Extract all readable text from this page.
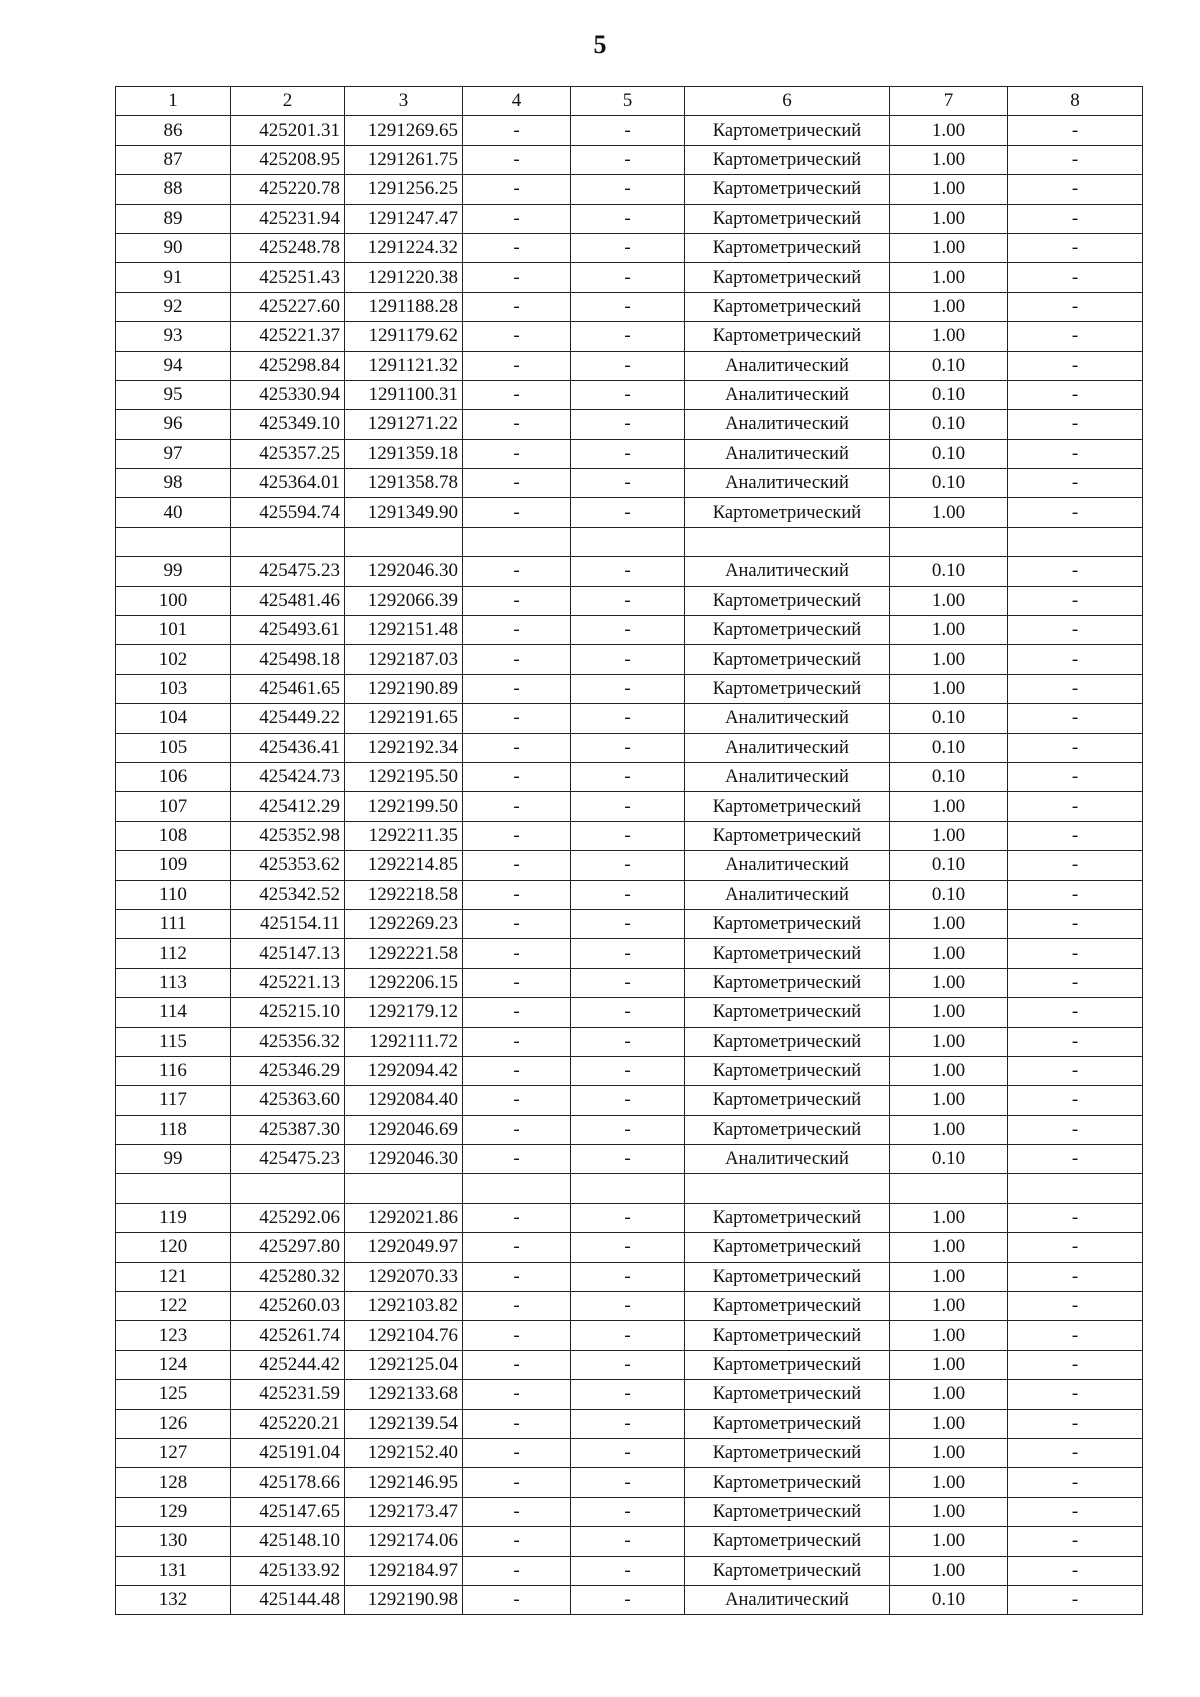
5
1	2	3	4	5	6	7	8
86	425201.31	1291269.65	-	-	Картометрический	1.00	-
87	425208.95	1291261.75	-	-	Картометрический	1.00	-
88	425220.78	1291256.25	-	-	Картометрический	1.00	-
89	425231.94	1291247.47	-	-	Картометрический	1.00	-
90	425248.78	1291224.32	-	-	Картометрический	1.00	-
91	425251.43	1291220.38	-	-	Картометрический	1.00	-
92	425227.60	1291188.28	-	-	Картометрический	1.00	-
93	425221.37	1291179.62	-	-	Картометрический	1.00	-
94	425298.84	1291121.32	-	-	Аналитический	0.10	-
95	425330.94	1291100.31	-	-	Аналитический	0.10	-
96	425349.10	1291271.22	-	-	Аналитический	0.10	-
97	425357.25	1291359.18	-	-	Аналитический	0.10	-
98	425364.01	1291358.78	-	-	Аналитический	0.10	-
40	425594.74	1291349.90	-	-	Картометрический	1.00	-

99	425475.23	1292046.30	-	-	Аналитический	0.10	-
100	425481.46	1292066.39	-	-	Картометрический	1.00	-
101	425493.61	1292151.48	-	-	Картометрический	1.00	-
102	425498.18	1292187.03	-	-	Картометрический	1.00	-
103	425461.65	1292190.89	-	-	Картометрический	1.00	-
104	425449.22	1292191.65	-	-	Аналитический	0.10	-
105	425436.41	1292192.34	-	-	Аналитический	0.10	-
106	425424.73	1292195.50	-	-	Аналитический	0.10	-
107	425412.29	1292199.50	-	-	Картометрический	1.00	-
108	425352.98	1292211.35	-	-	Картометрический	1.00	-
109	425353.62	1292214.85	-	-	Аналитический	0.10	-
110	425342.52	1292218.58	-	-	Аналитический	0.10	-
111	425154.11	1292269.23	-	-	Картометрический	1.00	-
112	425147.13	1292221.58	-	-	Картометрический	1.00	-
113	425221.13	1292206.15	-	-	Картометрический	1.00	-
114	425215.10	1292179.12	-	-	Картометрический	1.00	-
115	425356.32	1292111.72	-	-	Картометрический	1.00	-
116	425346.29	1292094.42	-	-	Картометрический	1.00	-
117	425363.60	1292084.40	-	-	Картометрический	1.00	-
118	425387.30	1292046.69	-	-	Картометрический	1.00	-
99	425475.23	1292046.30	-	-	Аналитический	0.10	-

119	425292.06	1292021.86	-	-	Картометрический	1.00	-
120	425297.80	1292049.97	-	-	Картометрический	1.00	-
121	425280.32	1292070.33	-	-	Картометрический	1.00	-
122	425260.03	1292103.82	-	-	Картометрический	1.00	-
123	425261.74	1292104.76	-	-	Картометрический	1.00	-
124	425244.42	1292125.04	-	-	Картометрический	1.00	-
125	425231.59	1292133.68	-	-	Картометрический	1.00	-
126	425220.21	1292139.54	-	-	Картометрический	1.00	-
127	425191.04	1292152.40	-	-	Картометрический	1.00	-
128	425178.66	1292146.95	-	-	Картометрический	1.00	-
129	425147.65	1292173.47	-	-	Картометрический	1.00	-
130	425148.10	1292174.06	-	-	Картометрический	1.00	-
131	425133.92	1292184.97	-	-	Картометрический	1.00	-
132	425144.48	1292190.98	-	-	Аналитический	0.10	-
